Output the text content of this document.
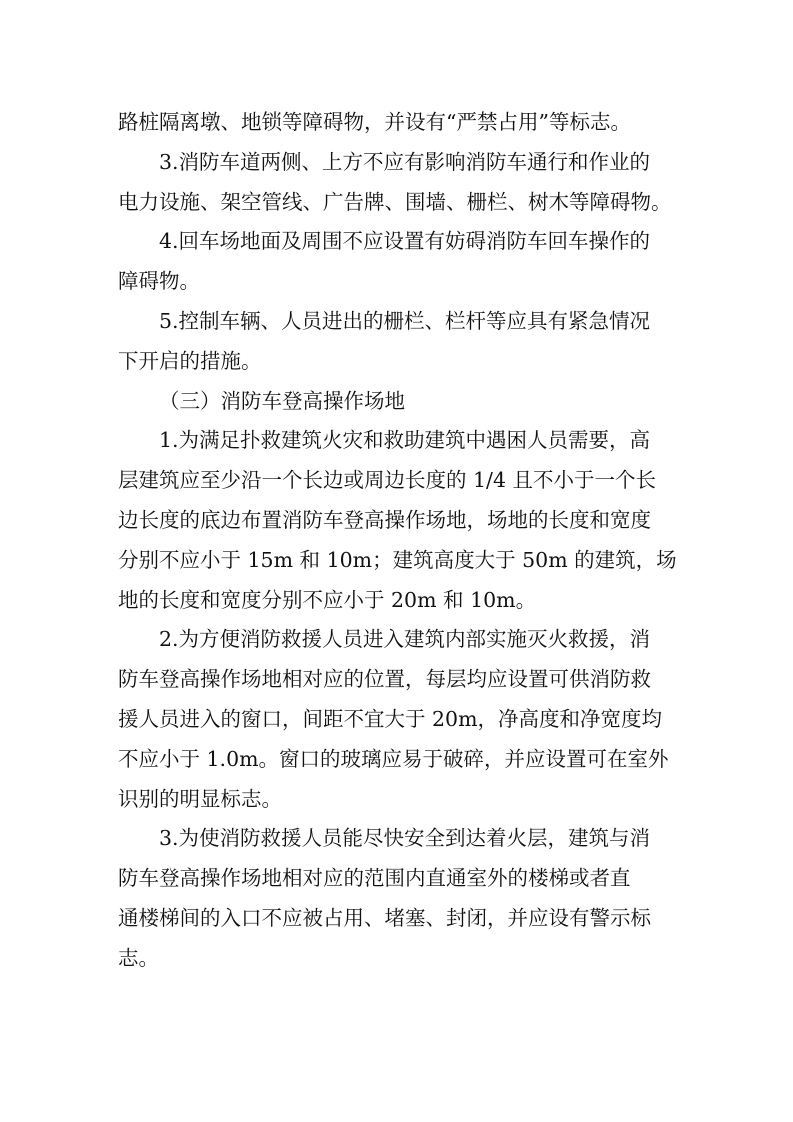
路桩隔离墩、地锁等障碍物，并设有“严禁占用”等标志。
3.消防车道两侧、上方不应有影响消防车通行和作业的
电力设施、架空管线、广告牌、围墙、栅栏、树木等障碍物。
4.回车场地面及周围不应设置有妨碍消防车回车操作的
障碍物。
5.控制车辆、人员进出的栅栏、栏杆等应具有紧急情况
下开启的措施。
（三）消防车登高操作场地
1.为满足扑救建筑火灾和救助建筑中遇困人员需要，高
层建筑应至少沿一个长边或周边长度的 1/4 且不小于一个长
边长度的底边布置消防车登高操作场地，场地的长度和宽度
分别不应小于 15m 和 10m；建筑高度大于 50m 的建筑，场
地的长度和宽度分别不应小于 20m 和 10m。
2.为方便消防救援人员进入建筑内部实施灭火救援，消
防车登高操作场地相对应的位置，每层均应设置可供消防救
援人员进入的窗口，间距不宜大于 20m，净高度和净宽度均
不应小于 1.0m。窗口的玻璃应易于破碎，并应设置可在室外
识别的明显标志。
3.为使消防救援人员能尽快安全到达着火层，建筑与消
防车登高操作场地相对应的范围内直通室外的楼梯或者直
通楼梯间的入口不应被占用、堵塞、封闭，并应设有警示标
志。
